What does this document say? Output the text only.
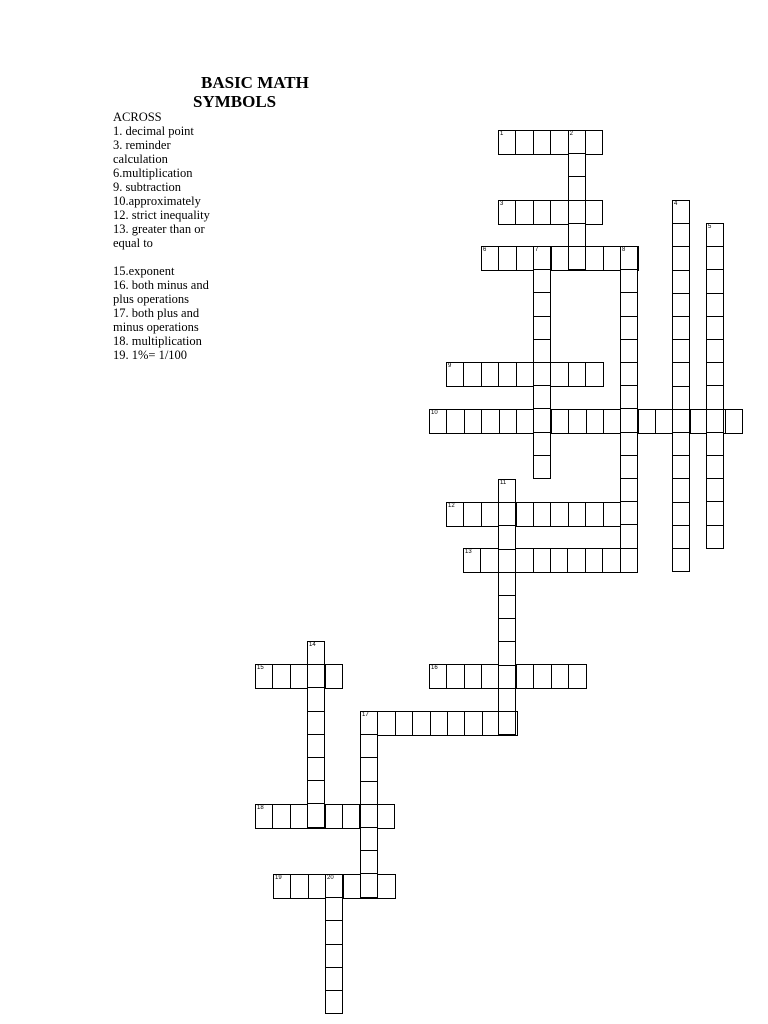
BASIC MATH
SYMBOLS
ACROSS
1. decimal point
3. reminder
calculation
6.multiplication
9. subtraction
10.approximately
12. strict inequality
13. greater than or
equal to
15.exponent
16. both minus and
plus operations
17. both plus and
minus operations
18. multiplication
19. 1%= 1/100
1	2
3
6
9
10
12
13
15	16
17
18
19
4
5
7	8
11
14
20
